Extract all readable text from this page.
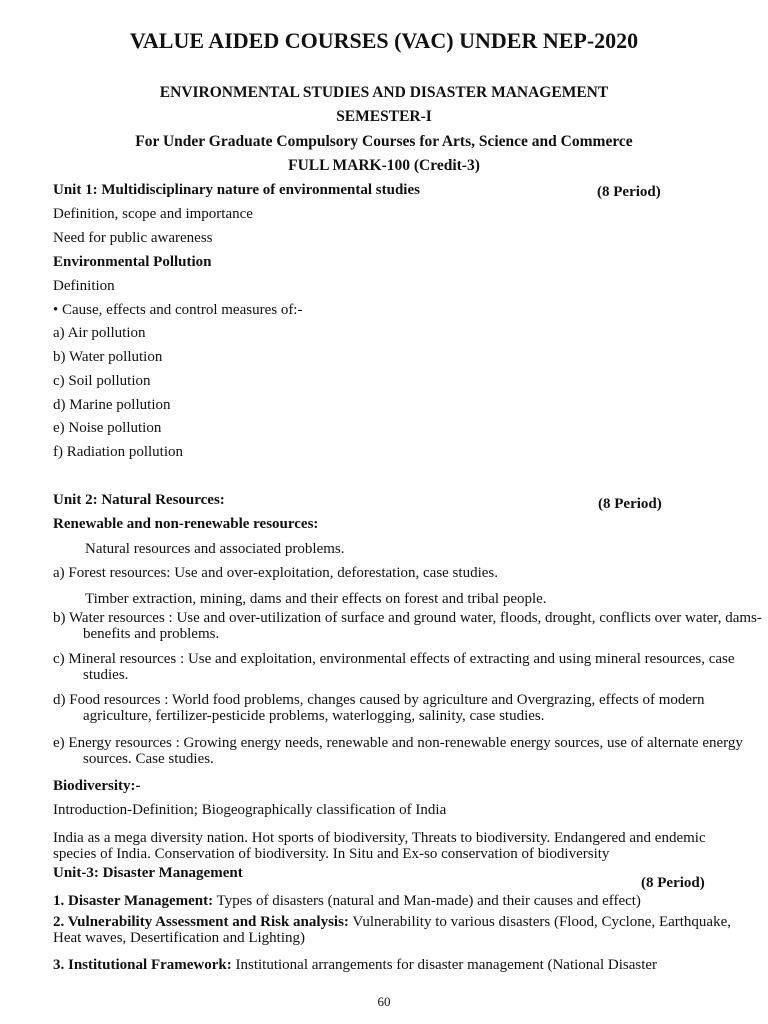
VALUE AIDED COURSES (VAC) UNDER NEP-2020
ENVIRONMENTAL STUDIES AND DISASTER MANAGEMENT
SEMESTER-I
For Under Graduate Compulsory Courses for Arts, Science and Commerce
FULL MARK-100 (Credit-3)
Unit 1: Multidisciplinary nature of environmental studies	(8 Period)
Definition, scope and importance
Need for public awareness
Environmental Pollution
Definition
• Cause, effects and control measures of:-
a) Air pollution
b) Water pollution
c) Soil pollution
d) Marine pollution
e) Noise pollution
f) Radiation pollution
Unit 2: Natural Resources:	(8 Period)
Renewable and non-renewable resources:
Natural resources and associated problems.
a) Forest resources: Use and over-exploitation, deforestation, case studies.
Timber extraction, mining, dams and their effects on forest and tribal people.
b) Water resources : Use and over-utilization of surface and ground water, floods, drought, conflicts over water, dams-benefits and problems.
c) Mineral resources : Use and exploitation, environmental effects of extracting and using mineral resources, case studies.
d) Food resources : World food problems, changes caused by agriculture and Overgrazing, effects of modern agriculture, fertilizer-pesticide problems, waterlogging, salinity, case studies.
e) Energy resources : Growing energy needs, renewable and non-renewable energy sources, use of alternate energy sources. Case studies.
Biodiversity:-
Introduction-Definition; Biogeographically classification of India
India as a mega diversity nation. Hot sports of biodiversity, Threats to biodiversity. Endangered and endemic species of India. Conservation of biodiversity. In Situ and Ex-so conservation of biodiversity
Unit-3: Disaster Management
(8 Period)
1. Disaster Management: Types of disasters (natural and Man-made) and their causes and effect)
2. Vulnerability Assessment and Risk analysis: Vulnerability to various disasters (Flood, Cyclone, Earthquake, Heat waves, Desertification and Lighting)
3. Institutional Framework: Institutional arrangements for disaster management (National Disaster
60
